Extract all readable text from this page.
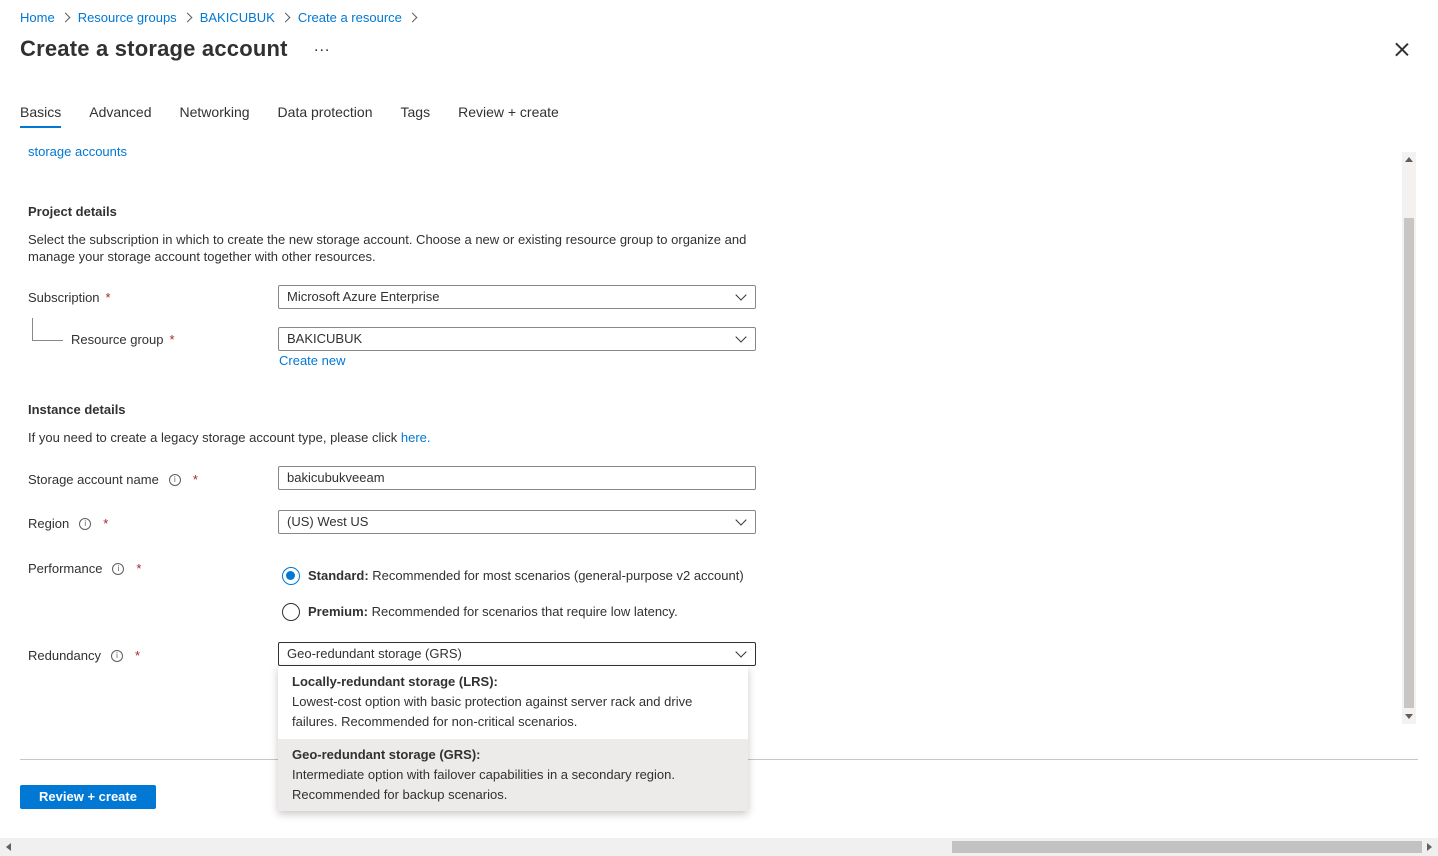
Home Resource groups BAKICUBUK Create a resource
Create a storage account ...
Basics Advanced Networking Data protection Tags Review + create
storage accounts
Project details
Select the subscription in which to create the new storage account. Choose a new or existing resource group to organize and
manage your storage account together with other resources.
Subscription *	Microsoft Azure Enterprise
Resource group *	BAKICUBUK
Create new
Instance details
If you need to create a legacy storage account type, please click here.
Storage account name	i	*	bakicubukveeam
Region	i	*	(US) West US
Performance	i	*	Standard: Recommended for most scenarios (general-purpose v2 account)
Premium: Recommended for scenarios that require low latency.
Redundancy	i	*	Geo-redundant storage (GRS)
Locally-redundant storage (LRS):
Lowest-cost option with basic protection against server rack and drive
failures. Recommended for non-critical scenarios.
Geo-redundant storage (GRS):
Intermediate option with failover capabilities in a secondary region.
Recommended for backup scenarios.
Review + create
